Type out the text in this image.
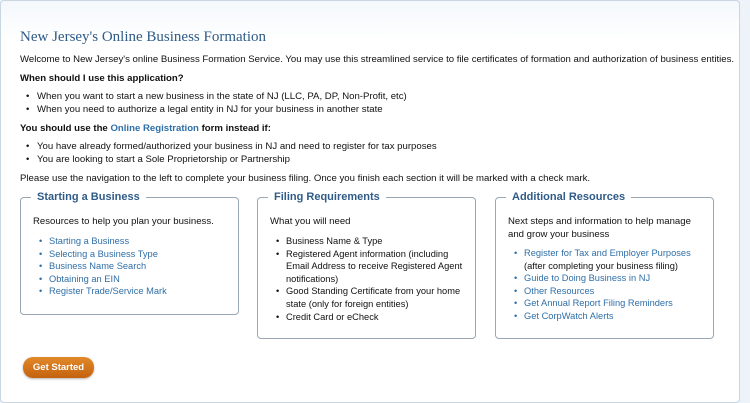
New Jersey's Online Business Formation
Welcome to New Jersey's online Business Formation Service. You may use this streamlined service to file certificates of formation and authorization of business entities.
When should I use this application?
• When you want to start a new business in the state of NJ (LLC, PA, DP, Non-Profit, etc)
• When you need to authorize a legal entity in NJ for your business in another state
You should use the Online Registration form instead if:
• You have already formed/authorized your business in NJ and need to register for tax purposes
• You are looking to start a Sole Proprietorship or Partnership
Please use the navigation to the left to complete your business filing. Once you finish each section it will be marked with a check mark.
Starting a Business
Resources to help you plan your business.
• Starting a Business
• Selecting a Business Type
• Business Name Search
• Obtaining an EIN
• Register Trade/Service Mark
Filing Requirements
What you will need
• Business Name & Type
• Registered Agent information (including Email Address to receive Registered Agent notifications)
• Good Standing Certificate from your home state (only for foreign entities)
• Credit Card or eCheck
Additional Resources
Next steps and information to help manage and grow your business
• Register for Tax and Employer Purposes
(after completing your business filing)
• Guide to Doing Business in NJ
• Other Resources
• Get Annual Report Filing Reminders
• Get CorpWatch Alerts
Get Started
